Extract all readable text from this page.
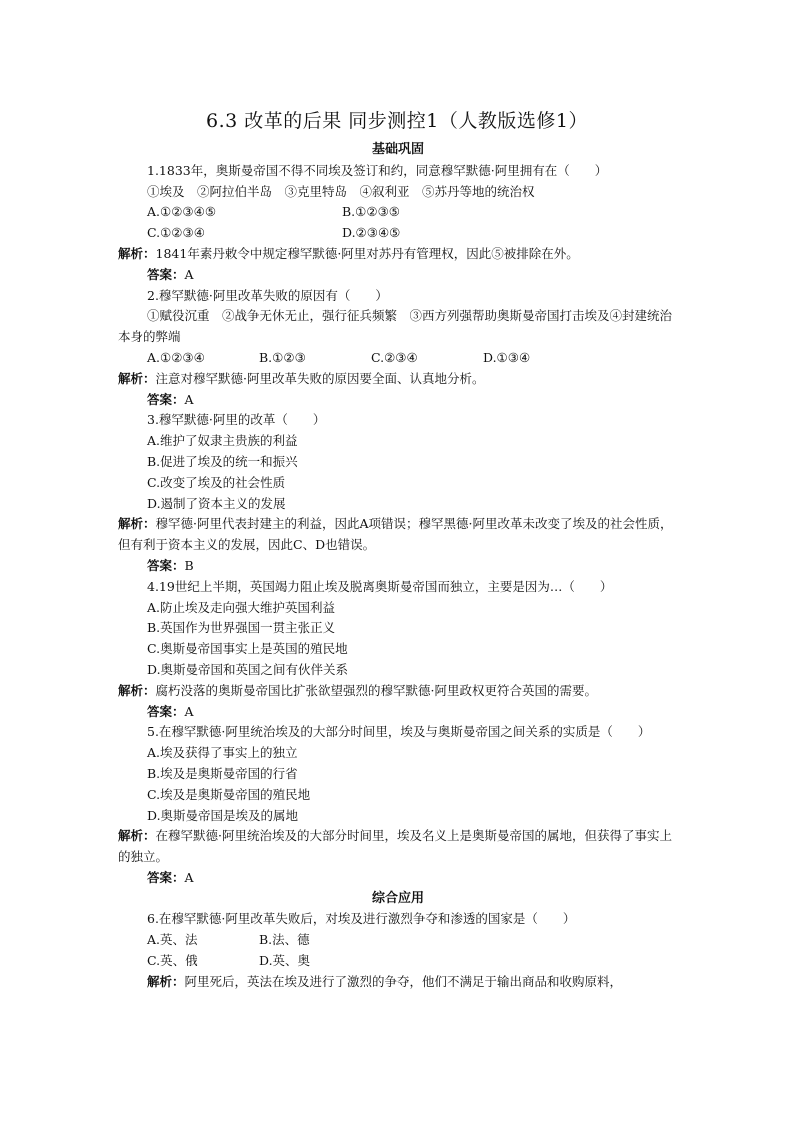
6.3 改革的后果 同步测控1（人教版选修1）

基础巩固

1.1833年，奥斯曼帝国不得不同埃及签订和约，同意穆罕默德·阿里拥有在（　　）

①埃及　②阿拉伯半岛　③克里特岛　④叙利亚　⑤苏丹等地的统治权

A.①②③④⑤	B.①②③⑤
C.①②③④	D.②③④⑤

解析：1841年素丹敕令中规定穆罕默德·阿里对苏丹有管理权，因此⑤被排除在外。

答案：A

2.穆罕默德·阿里改革失败的原因有（　　）

①赋役沉重　②战争无休无止，强行征兵频繁　③西方列强帮助奥斯曼帝国打击埃及④封建统治本身的弊端

A.①②③④	B.①②③	C.②③④	D.①③④

解析：注意对穆罕默德·阿里改革失败的原因要全面、认真地分析。

答案：A

3.穆罕默德·阿里的改革（　　）

A.维护了奴隶主贵族的利益

B.促进了埃及的统一和振兴

C.改变了埃及的社会性质

D.遏制了资本主义的发展

解析：穆罕德·阿里代表封建主的利益，因此A项错误；穆罕黑德·阿里改革未改变了埃及的社会性质，但有利于资本主义的发展，因此C、D也错误。

答案：B

4.19世纪上半期，英国竭力阻止埃及脱离奥斯曼帝国而独立，主要是因为…（　　）

A.防止埃及走向强大维护英国利益

B.英国作为世界强国一贯主张正义

C.奥斯曼帝国事实上是英国的殖民地

D.奥斯曼帝国和英国之间有伙伴关系

解析：腐朽没落的奥斯曼帝国比扩张欲望强烈的穆罕默德·阿里政权更符合英国的需要。

答案：A

5.在穆罕默德·阿里统治埃及的大部分时间里，埃及与奥斯曼帝国之间关系的实质是（　　）

A.埃及获得了事实上的独立

B.埃及是奥斯曼帝国的行省

C.埃及是奥斯曼帝国的殖民地

D.奥斯曼帝国是埃及的属地

解析：在穆罕默德·阿里统治埃及的大部分时间里，埃及名义上是奥斯曼帝国的属地，但获得了事实上的独立。

答案：A

综合应用

6.在穆罕默德·阿里改革失败后，对埃及进行激烈争夺和渗透的国家是（　　）

A.英、法	B.法、德
C.英、俄	D.英、奥

解析：阿里死后，英法在埃及进行了激烈的争夺，他们不满足于输出商品和收购原料，
